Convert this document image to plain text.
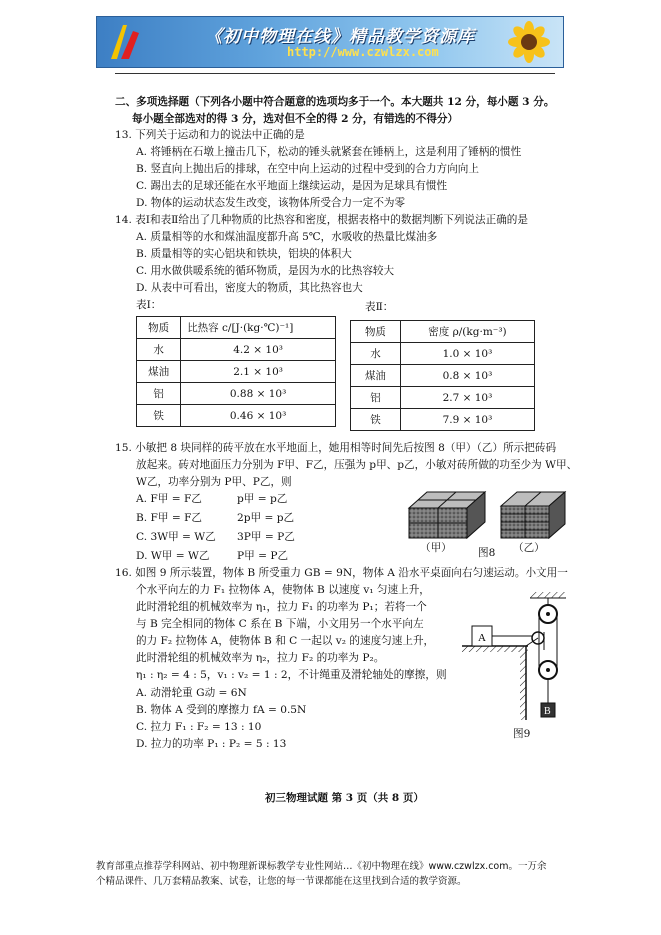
《初中物理在线》精品教学资源库
http://www.czwlzx.com
二、多项选择题（下列各小题中符合题意的选项均多于一个。本大题共 12 分，每小题 3 分。
每小题全部选对的得 3 分，选对但不全的得 2 分，有错选的不得分）
13. 下列关于运动和力的说法中正确的是
A. 将锤柄在石墩上撞击几下，松动的锤头就紧套在锤柄上，这是利用了锤柄的惯性
B. 竖直向上抛出后的排球，在空中向上运动的过程中受到的合力方向向上
C. 踢出去的足球还能在水平地面上继续运动，是因为足球具有惯性
D. 物体的运动状态发生改变，该物体所受合力一定不为零
14. 表Ⅰ和表Ⅱ给出了几种物质的比热容和密度，根据表格中的数据判断下列说法正确的是
A. 质量相等的水和煤油温度都升高 5℃，水吸收的热量比煤油多
B. 质量相等的实心铝块和铁块，铝块的体积大
C. 用水做供暖系统的循环物质，是因为水的比热容较大
D. 从表中可看出，密度大的物质，其比热容也大
表Ⅰ：	表Ⅱ：
物质	比热容 c/[J·(kg·℃)⁻¹]
水	4.2 × 10³
煤油	2.1 × 10³
铝	0.88 × 10³
铁	0.46 × 10³
物质	密度 ρ/(kg·m⁻³)
水	1.0 × 10³
煤油	0.8 × 10³
铝	2.7 × 10³
铁	7.9 × 10³
15. 小敏把 8 块同样的砖平放在水平地面上，她用相等时间先后按图 8（甲）（乙）所示把砖码
放起来。砖对地面压力分别为 F甲、F乙，压强为 p甲、p乙，小敏对砖所做的功至少为 W甲、
W乙，功率分别为 P甲、P乙，则
A. F甲 = F乙	p甲 = p乙
B. F甲 = F乙	2p甲 = p乙
C. 3W甲 = W乙 3P甲 = P乙
D. W甲 = W乙	P甲 = P乙
（甲） 图8 （乙）
16. 如图 9 所示装置，物体 B 所受重力 GB = 9N，物体 A 沿水平桌面向右匀速运动。小文用一
个水平向左的力 F₁ 拉物体 A，使物体 B 以速度 v₁ 匀速上升，
此时滑轮组的机械效率为 η₁，拉力 F₁ 的功率为 P₁；若将一个
与 B 完全相同的物体 C 系在 B 下端，小文用另一个水平向左
的力 F₂ 拉物体 A，使物体 B 和 C 一起以 v₂ 的速度匀速上升，
此时滑轮组的机械效率为 η₂，拉力 F₂ 的功率为 P₂。
η₁ : η₂ = 4 : 5，v₁ : v₂ = 1 : 2，不计绳重及滑轮轴处的摩擦，则
A. 动滑轮重 G动 = 6N
B. 物体 A 受到的摩擦力 fA = 0.5N
C. 拉力 F₁ : F₂ = 13 : 10
D. 拉力的功率 P₁ : P₂ = 5 : 13
A
B
图9
初三物理试题 第 3 页（共 8 页）
教育部重点推荐学科网站、初中物理新课标教学专业性网站…《初中物理在线》www.czwlzx.com。一万余
个精品课件、几万套精品教案、试卷，让您的每一节课都能在这里找到合适的教学资源。
